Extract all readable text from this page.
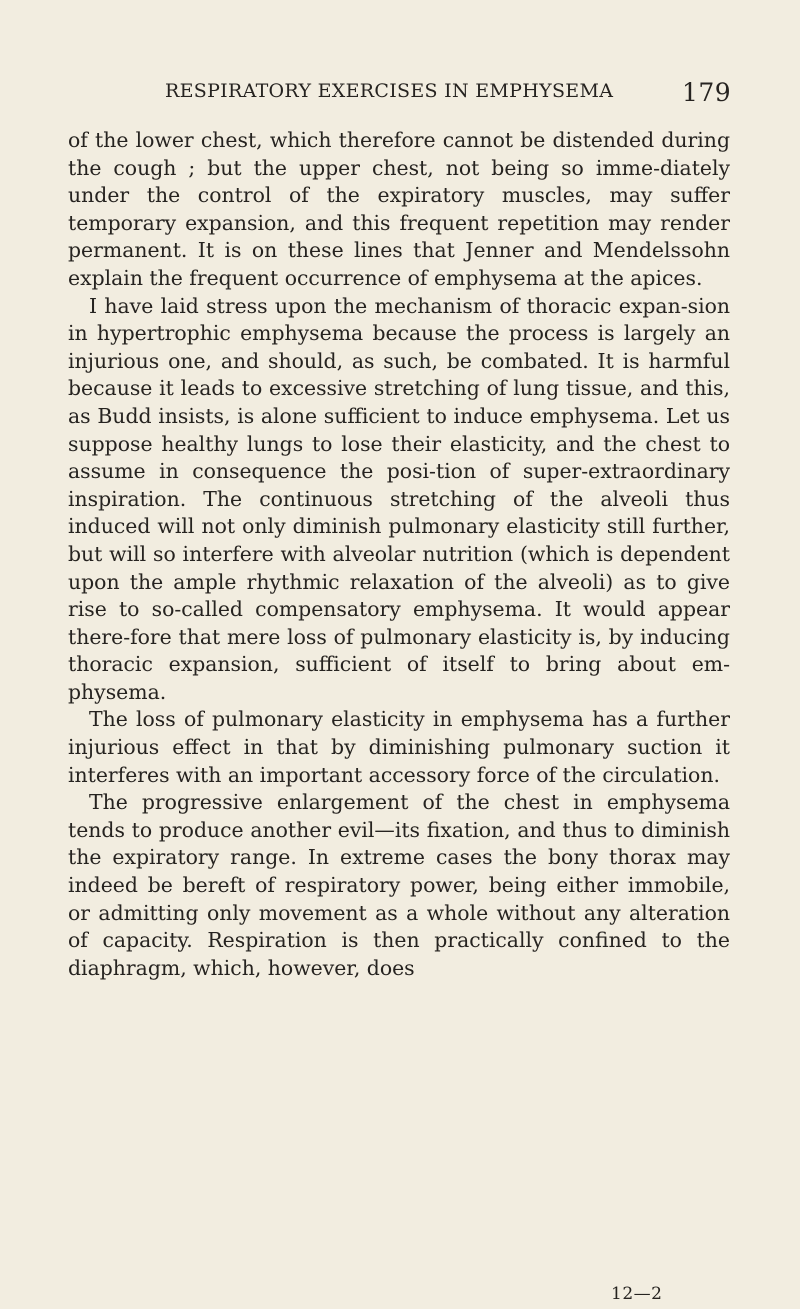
RESPIRATORY EXERCISES IN EMPHYSEMA	179

of the lower chest, which therefore cannot be distended during the cough ; but the upper chest, not being so imme-diately under the control of the expiratory muscles, may suffer temporary expansion, and this frequent repetition may render permanent. It is on these lines that Jenner and Mendelssohn explain the frequent occurrence of emphysema at the apices.

I have laid stress upon the mechanism of thoracic expan-sion in hypertrophic emphysema because the process is largely an injurious one, and should, as such, be combated. It is harmful because it leads to excessive stretching of lung tissue, and this, as Budd insists, is alone sufficient to induce emphysema. Let us suppose healthy lungs to lose their elasticity, and the chest to assume in consequence the posi-tion of super-extraordinary inspiration. The continuous stretching of the alveoli thus induced will not only diminish pulmonary elasticity still further, but will so interfere with alveolar nutrition (which is dependent upon the ample rhythmic relaxation of the alveoli) as to give rise to so-called compensatory emphysema. It would appear there-fore that mere loss of pulmonary elasticity is, by inducing thoracic expansion, sufficient of itself to bring about em-physema.

The loss of pulmonary elasticity in emphysema has a further injurious effect in that by diminishing pulmonary suction it interferes with an important accessory force of the circulation.

The progressive enlargement of the chest in emphysema tends to produce another evil—its fixation, and thus to diminish the expiratory range. In extreme cases the bony thorax may indeed be bereft of respiratory power, being either immobile, or admitting only movement as a whole without any alteration of capacity. Respiration is then practically confined to the diaphragm, which, however, does

12—2
